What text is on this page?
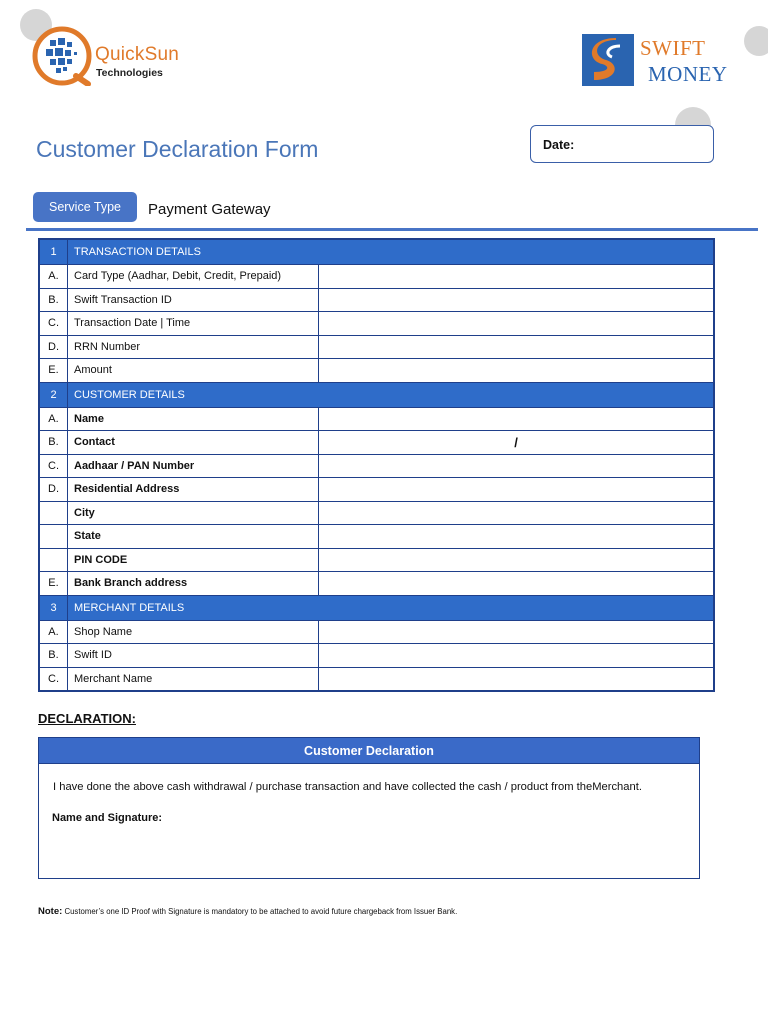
QuickSun
Technologies
SWIFT
MONEY
Customer Declaration Form	Date:
Service Type	Payment Gateway
1	TRANSACTION DETAILS	
A.	Card Type (Aadhar, Debit, Credit, Prepaid)	
B.	Swift Transaction ID	
C.	Transaction Date | Time	
D.	RRN Number	
E.	Amount	
2	CUSTOMER DETAILS	
A.	Name	
B.	Contact	/
C.	Aadhaar / PAN Number	
D.	Residential Address	
	City	
	State	
	PIN CODE	
E.	Bank Branch address	
3	MERCHANT DETAILS	
A.	Shop Name	
B.	Swift ID	
C.	Merchant Name	
DECLARATION:
Customer Declaration
I have done the above cash withdrawal / purchase transaction and have collected the cash / product from theMerchant.
Name and Signature:
Note: Customer’s one ID Proof with Signature is mandatory to be attached to avoid future chargeback from Issuer Bank.
